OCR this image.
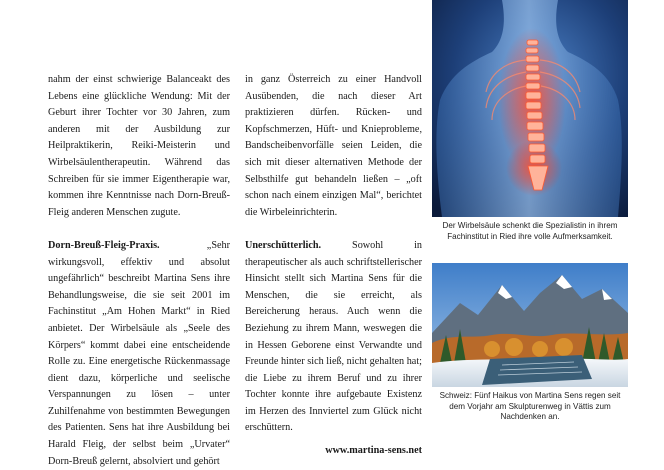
nahm der einst schwierige Balanceakt des Lebens eine glückliche Wendung: Mit der Geburt ihrer Tochter vor 30 Jahren, zum anderen mit der Ausbildung zur Heilpraktikerin, Reiki-Meisterin und Wirbelsäulentherapeutin. Während das Schreiben für sie immer Eigentherapie war, kommen ihre Kenntnisse nach Dorn-Breuß-Fleig anderen Menschen zugute.

Dorn-Breuß-Fleig-Praxis.	„Sehr wirkungsvoll, effektiv und absolut ungefährlich“ beschreibt Martina Sens ihre Behandlungsweise, die sie seit 2001 im Fachinstitut „Am Hohen Markt“ in Ried anbietet. Der Wirbelsäule als „Seele des Körpers“ kommt dabei eine entscheidende Rolle zu. Eine energetische Rückenmassage dient dazu, körperliche und seelische Verspannungen zu lösen – unter Zuhilfenahme von bestimmten Bewegungen des Patienten. Sens hat ihre Ausbildung bei Harald Fleig, der selbst beim „Urvater“ Dorn-Breuß gelernt, absolviert und gehört

in ganz Österreich zu einer Handvoll Ausübenden, die nach dieser Art praktizieren dürfen. Rücken- und Kopfschmerzen, Hüft- und Knieprobleme, Bandscheibenvorfälle seien Leiden, die sich mit dieser alternativen Methode der Selbsthilfe gut behandeln ließen – „oft schon nach einem einzigen Mal“, berichtet die Wirbeleinrichterin.

Unerschütterlich.	Sowohl in therapeutischer als auch schriftstellerischer Hinsicht stellt sich Martina Sens für die Menschen, die sie erreicht, als Bereicherung heraus. Auch wenn die Beziehung zu ihrem Mann, weswegen die in Hessen Geborene einst Verwandte und Freunde hinter sich ließ, nicht gehalten hat; die Liebe zu ihrem Beruf und zu ihrer Tochter konnte ihre aufgebaute Existenz im Herzen des Innviertel zum Glück nicht erschüttern.

www.martina-sens.net

Der Wirbelsäule schenkt die Spezialistin in ihrem Fachinstitut in Ried ihre volle Aufmerksamkeit.
Schweiz: Fünf Haikus von Martina Sens regen seit dem Vorjahr am Skulpturenweg in Vättis zum Nachdenken an.
